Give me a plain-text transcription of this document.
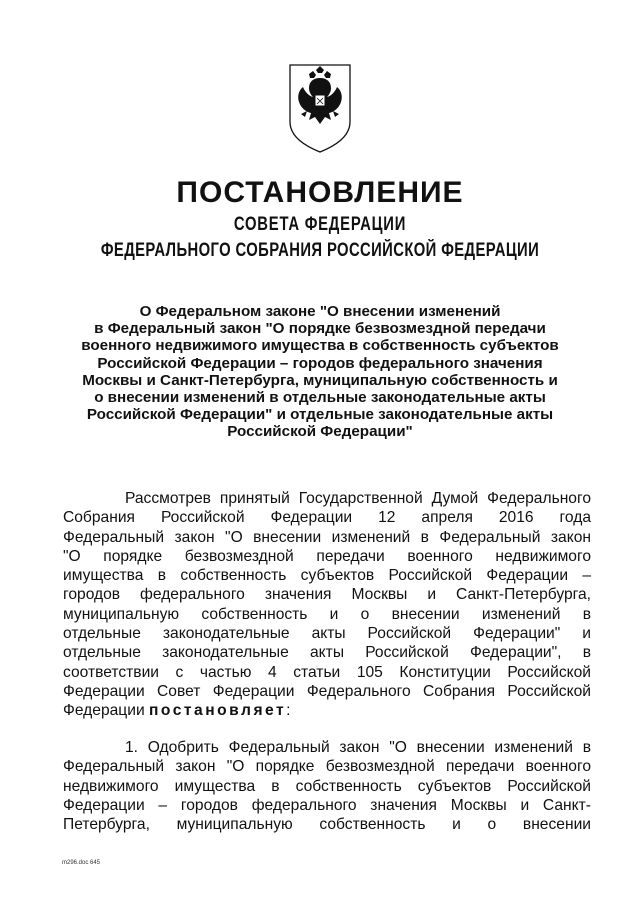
ПОСТАНОВЛЕНИЕ
СОВЕТА ФЕДЕРАЦИИ
ФЕДЕРАЛЬНОГО СОБРАНИЯ РОССИЙСКОЙ ФЕДЕРАЦИИ
О Федеральном законе "О внесении изменений
в Федеральный закон "О порядке безвозмездной передачи
военного недвижимого имущества в собственность субъектов
Российской Федерации – городов федерального значения
Москвы и Санкт-Петербурга, муниципальную собственность и
о внесении изменений в отдельные законодательные акты
Российской Федерации" и отдельные законодательные акты
Российской Федерации"
Рассмотрев принятый Государственной Думой Федерального
Собрания Российской Федерации 12 апреля 2016 года
Федеральный закон "О внесении изменений в Федеральный закон
"О порядке безвозмездной передачи военного недвижимого
имущества в собственность субъектов Российской Федерации –
городов федерального значения Москвы и Санкт-Петербурга,
муниципальную собственность и о внесении изменений в
отдельные законодательные акты Российской Федерации" и
отдельные законодательные акты Российской Федерации", в
соответствии с частью 4 статьи 105 Конституции Российской
Федерации Совет Федерации Федерального Собрания Российской
Федерации постановляет:
1. Одобрить Федеральный закон "О внесении изменений в
Федеральный закон "О порядке безвозмездной передачи военного
недвижимого имущества в собственность субъектов Российской
Федерации – городов федерального значения Москвы и Санкт-
Петербурга, муниципальную собственность и о внесении
m296.doc 645
